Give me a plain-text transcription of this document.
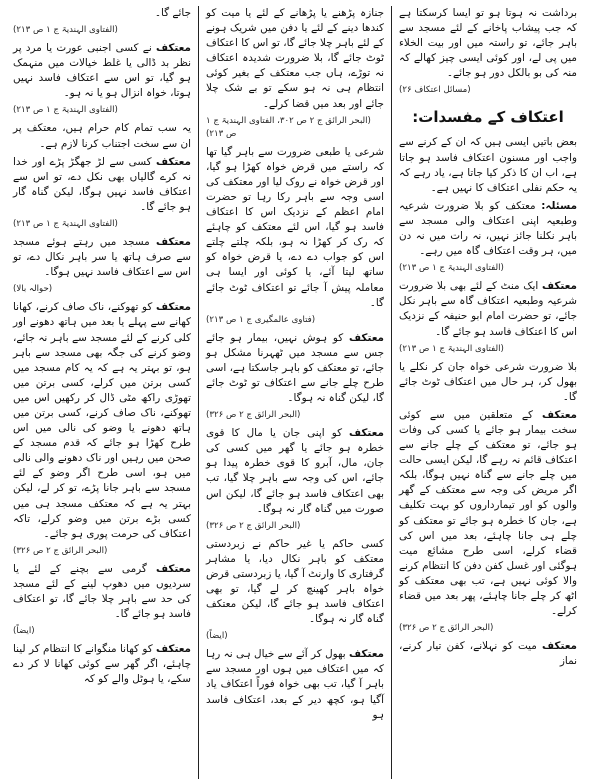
برداشت نہ ہوتا ہو تو ایسا کرسکتا ہے کہ جب پیشاب پاخانے کے لئے مسجد سے باہر جائے، تو راستہ میں اور بیت الخلاء میں پی لے، اور کوئی ایسی چیز کھالے کہ منہ کی بو بالکل دور ہو جائے۔

(مسائل اعتکاف ۲۶)
اعتکاف کے مفسدات:

بعض باتیں ایسی ہیں کہ ان کے کرنے سے واجب اور مسنون اعتکاف فاسد ہو جاتا ہے، اب ان کا ذکر کیا جاتا ہے، یاد رہے کہ یہ حکم نفلی اعتکاف کا نہیں ہے۔

مسئلہ: معتکف کو بلا ضرورت شرعیہ وطبعیہ اپنی اعتکاف والی مسجد سے باہر نکلنا جائز نہیں، نہ رات میں نہ دن میں، ہر وقت اعتکاف گاہ میں رہے۔

(الفتاوی الہندیۃ ج ۱ ص ۲۱۳)

معتکف ایک منٹ کے لئے بھی بلا ضرورت شرعیہ وطبعیہ اعتکاف گاہ سے باہر نکل جائے، تو حضرت امام ابو حنیفہ کے نزدیک اس کا اعتکاف فاسد ہو جائے گا۔

(الفتاوی الہندیۃ ج ۱ ص ۲۱۳)

بلا ضرورت شرعی خواہ جان کر نکلے یا بھول کر، ہر حال میں اعتکاف ٹوٹ جائے گا۔

معتکف کے متعلقین میں سے کوئی سخت بیمار ہو جائے یا کسی کی وفات ہو جائے، تو معتکف کے چلے جانے سے اعتکاف قائم نہ رہے گا، لیکن ایسی حالت میں چلے جانے سے گناہ نہیں ہوگا، بلکہ اگر مریض کی وجہ سے معتکف کے گھر والوں کو اور تیمارداروں کو بہت تکلیف ہے، جان کا خطرہ ہو جائے تو معتکف کو چلے ہی جانا چاہئے، بعد میں اس کی قضاء کرلے، اسی طرح مشائع میت ہوگئی اور غسل کفن دفن کا انتظام کرنے والا کوئی نہیں ہے، تب بھی معتکف کو اٹھ کر چلے جانا چاہئے، پھر بعد میں قضاء کرلے۔

(البحر الرائق ج ۲ ص ۳۲۶)

معتکف میت کو نہلانے، کفن تیار کرنے، نماز

جنازہ پڑھنے یا پڑھانے کے لئے یا میت کو کندھا دینے کے لئے یا دفن میں شریک ہونے کے لئے باہر چلا جائے گا، تو اس کا اعتکاف ٹوٹ جائے گا، بلا ضرورت شدیدہ اعتکاف نہ توڑے، ہاں جب معتکف کے بغیر کوئی انتظام ہی نہ ہو سکے تو بے شک چلا جائے اور بعد میں قضا کرلے۔

(البحر الرائق ج ۲ ص ۳۰۲، الفتاوی الہندیۃ ج ۱ ص ۲۱۳)

شرعی یا طبعی ضرورت سے باہر گیا تھا کہ راستے میں قرض خواہ کھڑا ہو گیا، اور قرض خواہ نے روک لیا اور معتکف کی اسی وجہ سے باہر رکا رہا تو حضرت امام اعظم کے نزدیک اس کا اعتکاف فاسد ہو گیا، اس لئے معتکف کو چاہئے کہ رک کر کھڑا نہ ہو، بلکہ چلتے چلتے اس کو جواب دے دے، یا قرض خواہ کو ساتھ لیتا آئے، یا کوئی اور ایسا ہی معاملہ پیش آ جائے تو اعتکاف ٹوٹ جائے گا۔

(فتاوی عالمگیری ج ۱ ص ۲۱۳)

معتکف کو ہوش نہیں، بیمار ہو جائے جس سے مسجد میں ٹھہرنا مشکل ہو جائے، تو معتکف کو باہر جاسکتا ہے، اسی طرح چلے جانے سے اعتکاف تو ٹوٹ جائے گا، لیکن گناہ نہ ہوگا۔

(البحر الرائق ج ۲ ص ۳۲۶)

معتکف کو اپنی جان یا مال کا قوی خطرہ ہو جائے یا گھر میں کسی کی جان، مال، آبرو کا قوی خطرہ پیدا ہو جائے، اس کی وجہ سے باہر چلا گیا، تب بھی اعتکاف فاسد ہو جائے گا، لیکن اس صورت میں گناہ گار نہ ہوگا۔

(البحر الرائق ج ۲ ص ۳۲۶)

کسی حاکم یا غیر حاکم نے زبردستی معتکف کو باہر نکال دیا، یا مشاہر گرفتاری کا وارنٹ آ گیا، یا زبردستی قرض خواہ باہر کھینچ کر لے گیا، تو بھی اعتکاف فاسد ہو جائے گا، لیکن معتکف گناہ گار نہ ہوگا۔

(ایضاً)

معتکف بھول کر آئے سے خیال ہی نہ رہا کہ میں اعتکاف میں ہوں اور مسجد سے باہر آ گیا، تب بھی خواہ فوراً اعتکاف یاد آگیا ہو، کچھ دیر کے بعد، اعتکاف فاسد ہو

جائے گا۔

(الفتاوی الہندیۃ ج ۱ ص ۲۱۳)

معتکف نے کسی اجنبی عورت یا مرد پر نظر بد ڈالی یا غلط خیالات میں منہمک ہو گیا، تو اس سے اعتکاف فاسد نہیں ہوتا، خواہ انزال ہو یا نہ ہو۔

(الفتاوی الہندیۃ ج ۱ ص ۲۱۳)

یہ سب تمام کام حرام ہیں، معتکف پر ان سے سخت اجتناب کرنا لازم ہے۔

معتکف کسی سے لڑ جھگڑ پڑے اور خدا نہ کرے گالیاں بھی نکل دے، تو اس سے اعتکاف فاسد نہیں ہوگا، لیکن گناہ گار ہو جائے گا۔

(الفتاوی الہندیۃ ج ۱ ص ۲۱۳)

معتکف مسجد میں رہتے ہوئے مسجد سے صرف ہاتھ یا سر باہر نکال دے، تو اس سے اعتکاف فاسد نہیں ہوگا۔

(حوالہ بالا)

معتکف کو تھوکنے، ناک صاف کرنے، کھانا کھانے سے پہلے یا بعد میں ہاتھ دھونے اور کلی کرنے کے لئے مسجد سے باہر نہ جائے، وضو کرنے کی جگہ بھی مسجد سے باہر ہو، تو بہتر یہ ہے کہ یہ کام مسجد میں کسی برتن میں کرلے، کسی برتن میں تھوڑی راکھ مٹی ڈال کر رکھیں اس میں تھوکنے، ناک صاف کرنے، کسی برتن میں ہاتھ دھونے یا وضو کی نالی میں اس طرح کھڑا ہو جائے کہ قدم مسجد کے صحن میں رہیں اور ناک دھونے والی نالی میں ہو، اسی طرح اگر وضو کے لئے مسجد سے باہر جانا پڑے، تو کر لے، لیکن بہتر یہ ہے کہ معتکف مسجد ہی میں کسی بڑے برتن میں وضو کرلے، تاکہ اعتکاف کی حرمت پوری ہو جائے۔

(البحر الرائق ج ۲ ص ۳۲۶)

معتکف گرمی سے بچنے کے لئے یا سردیوں میں دھوپ لینے کے لئے مسجد کی حد سے باہر چلا جائے گا، تو اعتکاف فاسد ہو جائے گا۔

(ایضاً)

معتکف کو کھانا منگوانے کا انتظام کر لینا چاہئے، اگر گھر سے کوئی کھانا لا کر دے سکے، یا ہوٹل والے کو کہ
